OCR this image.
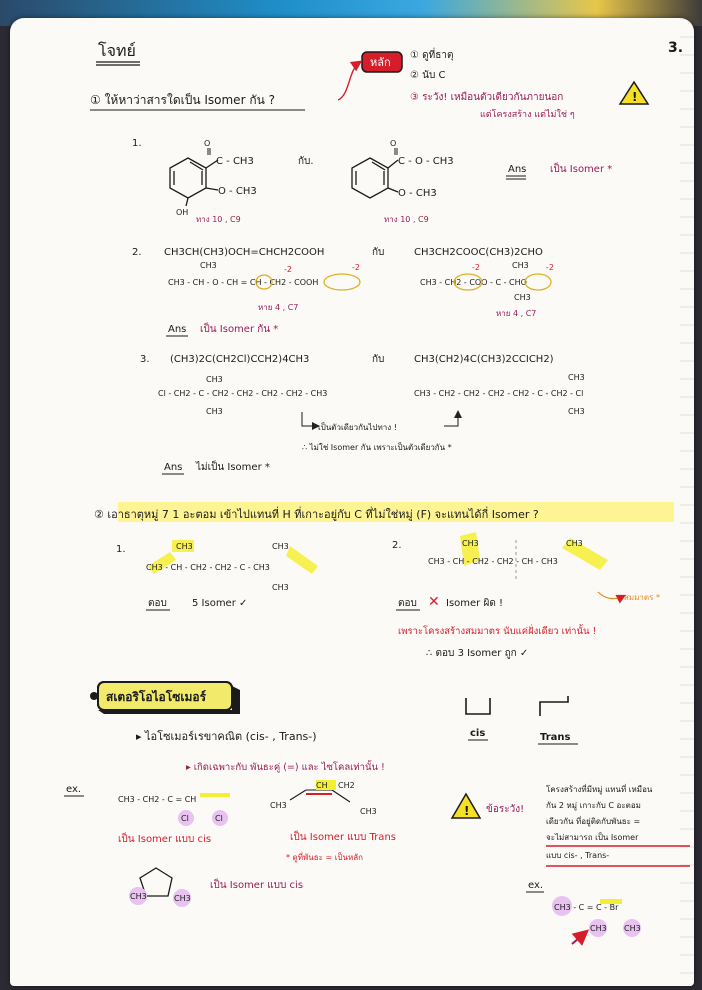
โจทย์	3.
หลัก
① ดูที่ธาตุ
② นับ C
③ ระวัง! เหมือนตัวเดียวกันภายนอก
แต่โครงสร้าง แต่ไม่ใช่ ๆ
!
① ให้หาว่าสารใดเป็น Isomer กัน ?
1.	O
C - CH3
O - CH3
OH
ทาง 10 , C9
กับ.
O
C - O - CH3
O - CH3
ทาง 10 , C9
Ans เป็น Isomer *
2. CH3CH(CH3)OCH=CHCH2COOH	กับ	CH3CH2COOC(CH3)2CHO
CH3
CH3 - CH - O - CH = CH - CH2 - COOH
-2	-2	CH3
CH3 - CH2 - COO - C - CHO
-2	-2
CH3
หาย 4 , C7
หาย 4 , C7
Ans เป็น Isomer กัน *
3. (CH3)2C(CH2Cl)CCH2)4CH3	กับ	CH3(CH2)4C(CH3)2CCICH2)
CH3
Cl - CH2 - C - CH2 - CH2 - CH2 - CH2 - CH3
CH3
CH3
CH3 - CH2 - CH2 - CH2 - CH2 - C - CH2 - Cl
CH3
เป็นตัวเดียวกันไปทาง !
∴ ไม่ใช่ Isomer กัน เพราะเป็นตัวเดียวกัน *
Ans ไม่เป็น Isomer *
② เอาธาตุหมู่ 7 1 อะตอม เข้าไปแทนที่ H ที่เกาะอยู่กับ C ที่ไม่ใช่หมู่ (F) จะแทนได้กี่ Isomer ?
1.	CH3	CH3
CH3 - CH - CH2 - CH2 - C - CH3
CH3
ตอบ	5 Isomer ✓
2.	CH3	CH3
CH3 - CH - CH2 - CH2 - CH - CH3
ตอบ ✕ Isomer ผิด !
สมมาตร *
เพราะโครงสร้างสมมาตร นับแค่ฝั่งเดียว เท่านั้น !
∴ ตอบ 3 Isomer ถูก ✓
สเตอริโอไอโซเมอร์
▸ ไอโซเมอร์เรขาคณิต (cis- , Trans-)
▸ เกิดเฉพาะกับ พันธะคู่ (=) และ ไซโคลเท่านั้น !
cis	Trans
ex.
CH3 - CH2 - C = CH
Cl	Cl
เป็น Isomer แบบ cis
CH CH2
CH3
CH3
เป็น Isomer แบบ Trans
* ดูที่พันธะ = เป็นหลัก
CH3	CH3
เป็น Isomer แบบ cis
! ข้อระวัง!
โครงสร้างที่มีหมู่ แทนที่ เหมือน
กัน 2 หมู่ เกาะกับ C อะตอม
เดียวกัน ที่อยู่ติดกับพันธะ =
จะไม่สามารถ เป็น Isomer
แบบ cis- , Trans-
ex.
CH3 - C = C - Br
CH3 CH3
